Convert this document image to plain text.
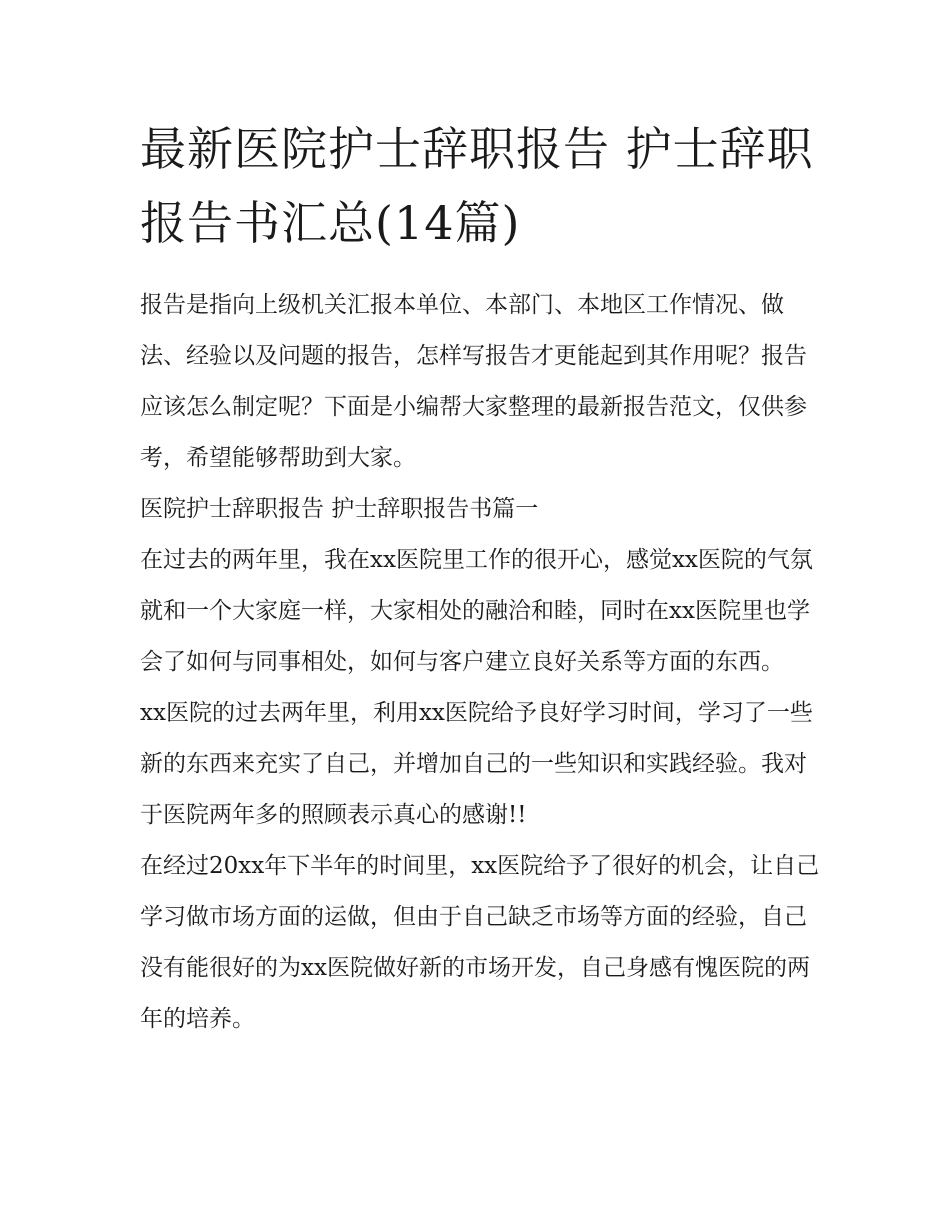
最新医院护士辞职报告 护士辞职报告书汇总(14篇)

报告是指向上级机关汇报本单位、本部门、本地区工作情况、做法、经验以及问题的报告，怎样写报告才更能起到其作用呢？报告应该怎么制定呢？下面是小编帮大家整理的最新报告范文，仅供参考，希望能够帮助到大家。

医院护士辞职报告 护士辞职报告书篇一

在过去的两年里，我在xx医院里工作的很开心，感觉xx医院的气氛就和一个大家庭一样，大家相处的融洽和睦，同时在xx医院里也学会了如何与同事相处，如何与客户建立良好关系等方面的东西。

xx医院的过去两年里，利用xx医院给予良好学习时间，学习了一些新的东西来充实了自己，并增加自己的一些知识和实践经验。我对于医院两年多的照顾表示真心的感谢!!

在经过20xx年下半年的时间里，xx医院给予了很好的机会，让自己学习做市场方面的运做，但由于自己缺乏市场等方面的经验，自己没有能很好的为xx医院做好新的市场开发，自己身感有愧医院的两年的培养。
